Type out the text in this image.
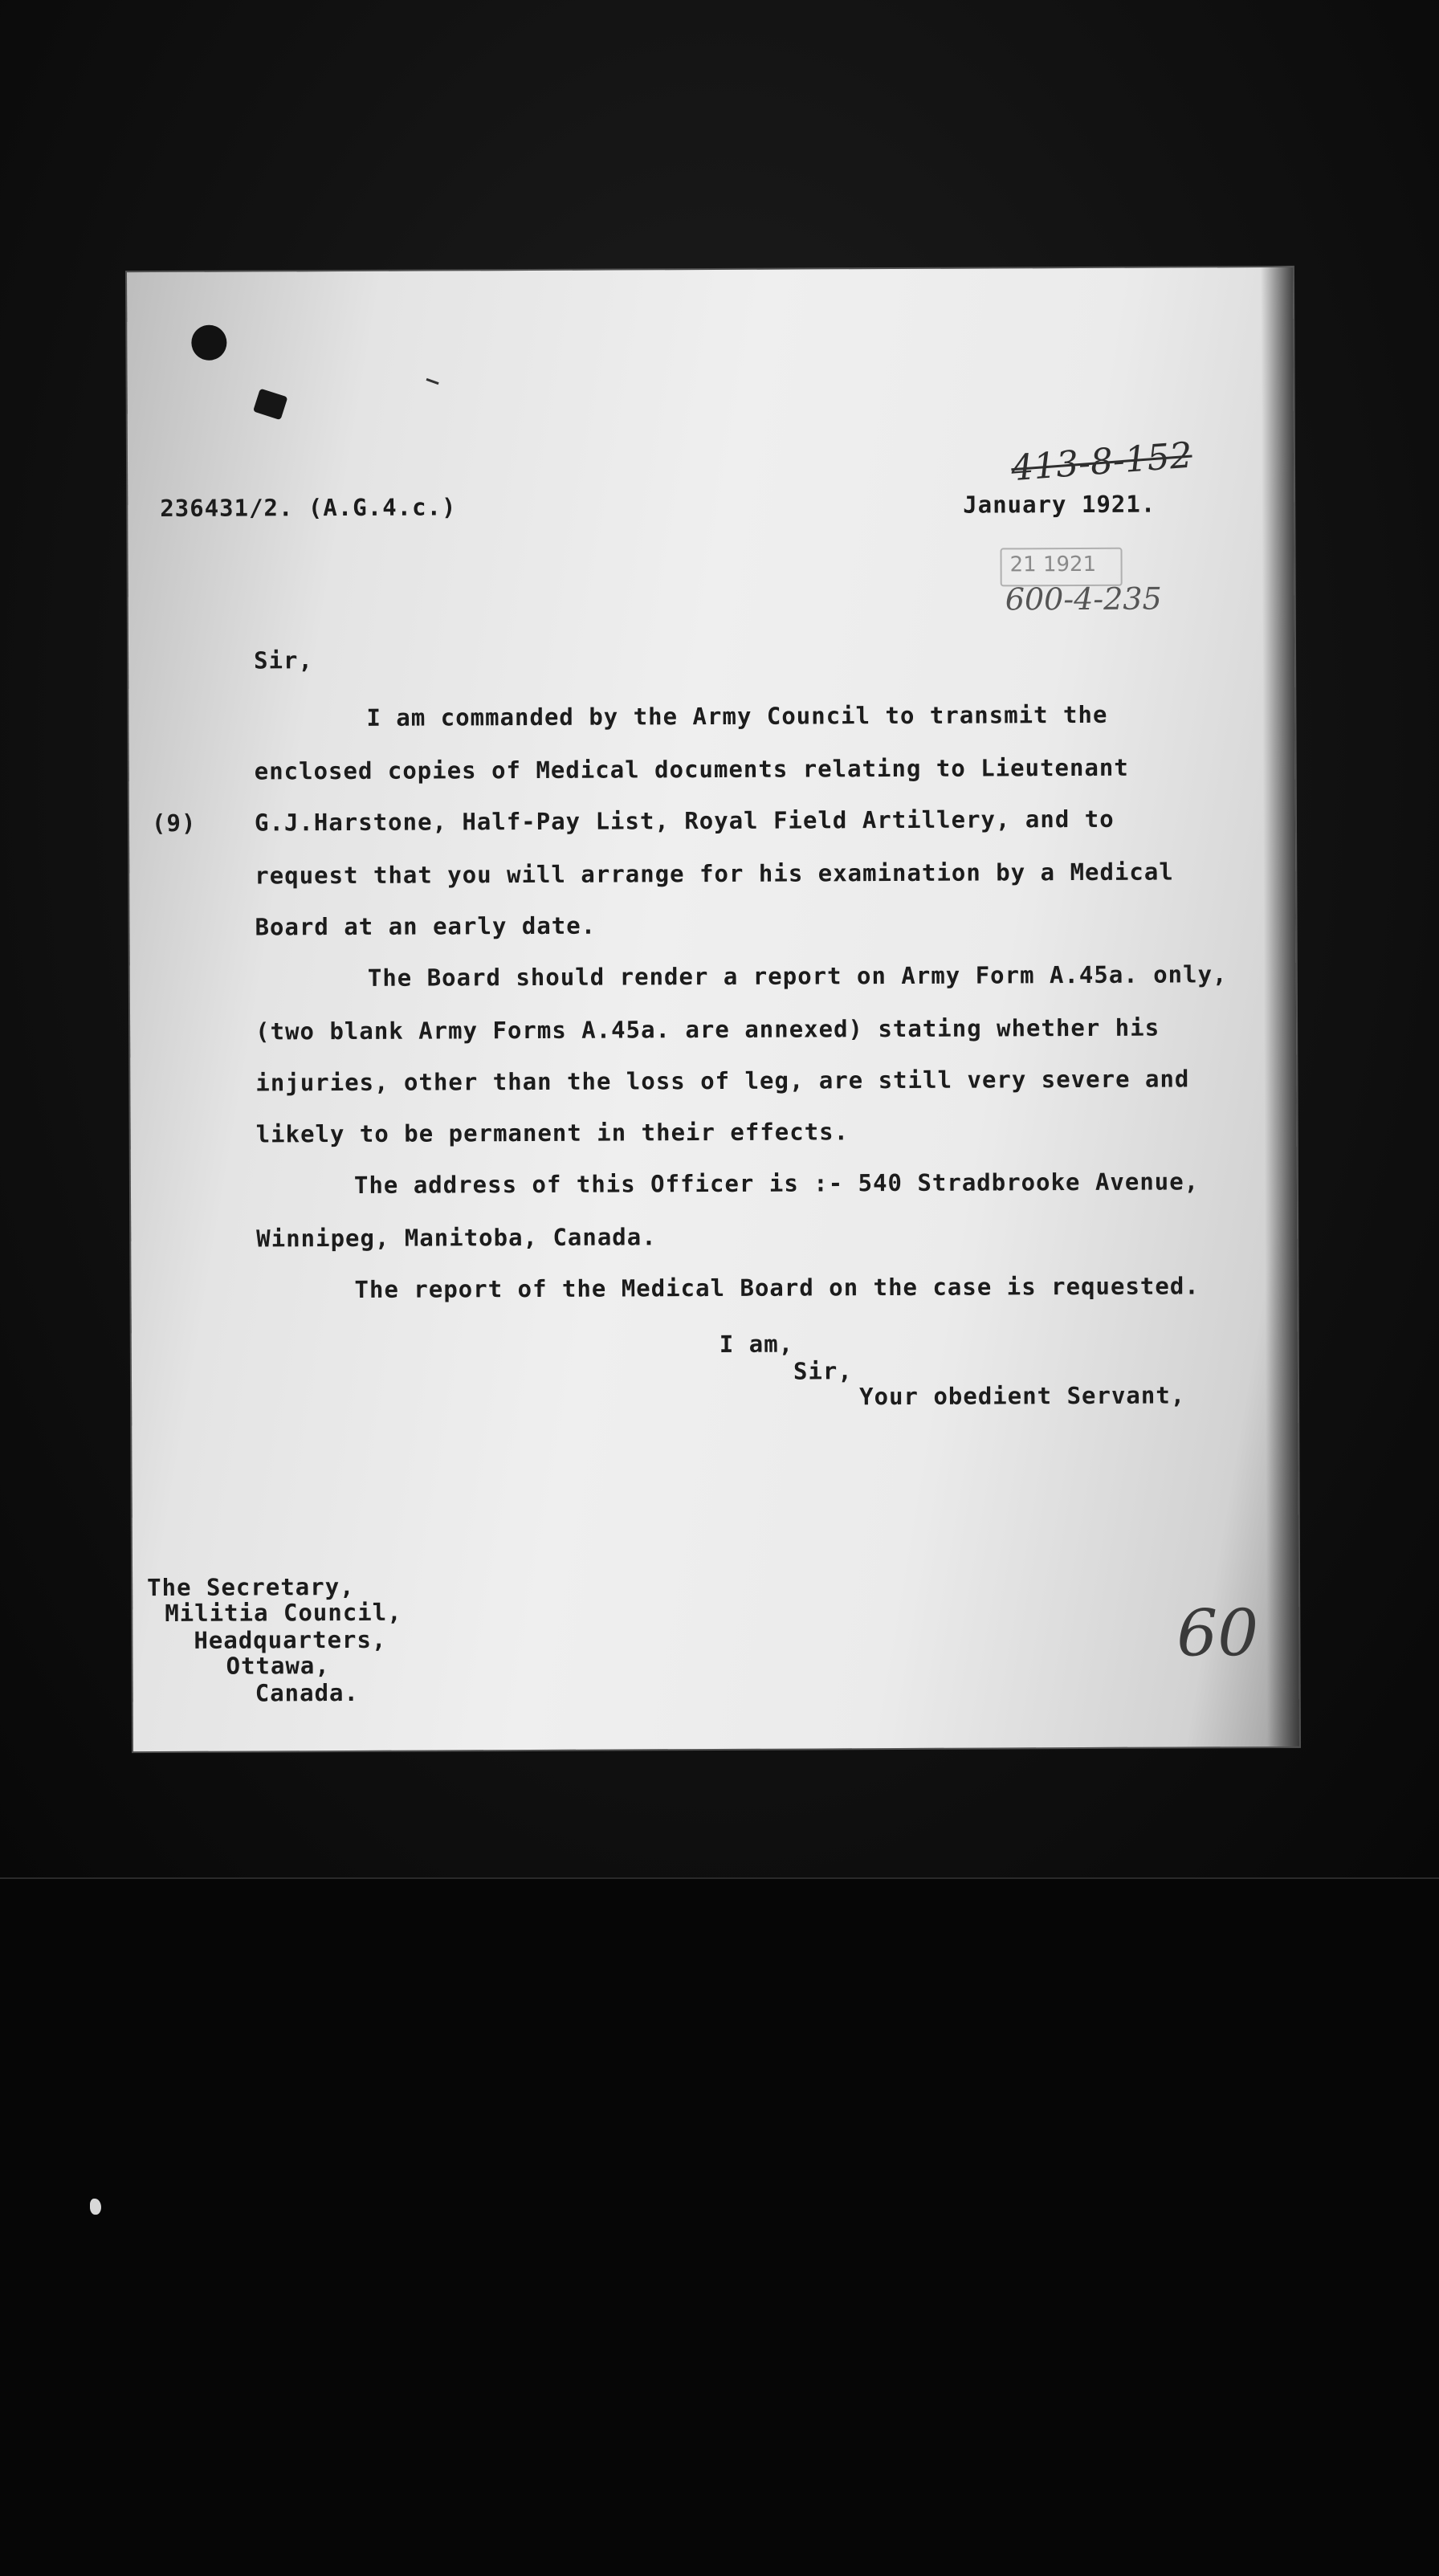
413-8-152
236431/2. (A.G.4.c.)	January 1921.
21 1921
600-4-235
Sir,
(9)
I am commanded by the Army Council to transmit the
enclosed copies of Medical documents relating to Lieutenant
G.J.Harstone, Half-Pay List, Royal Field Artillery, and to
request that you will arrange for his examination by a Medical
Board at an early date.
The Board should render a report on Army Form A.45a. only,
(two blank Army Forms A.45a. are annexed) stating whether his
injuries, other than the loss of leg, are still very severe and
likely to be permanent in their effects.
The address of this Officer is :- 540 Stradbrooke Avenue,
Winnipeg, Manitoba, Canada.
The report of the Medical Board on the case is requested.
I am,
Sir,
Your obedient Servant,
The Secretary,
Militia Council,
Headquarters,
Ottawa,
Canada.
60
